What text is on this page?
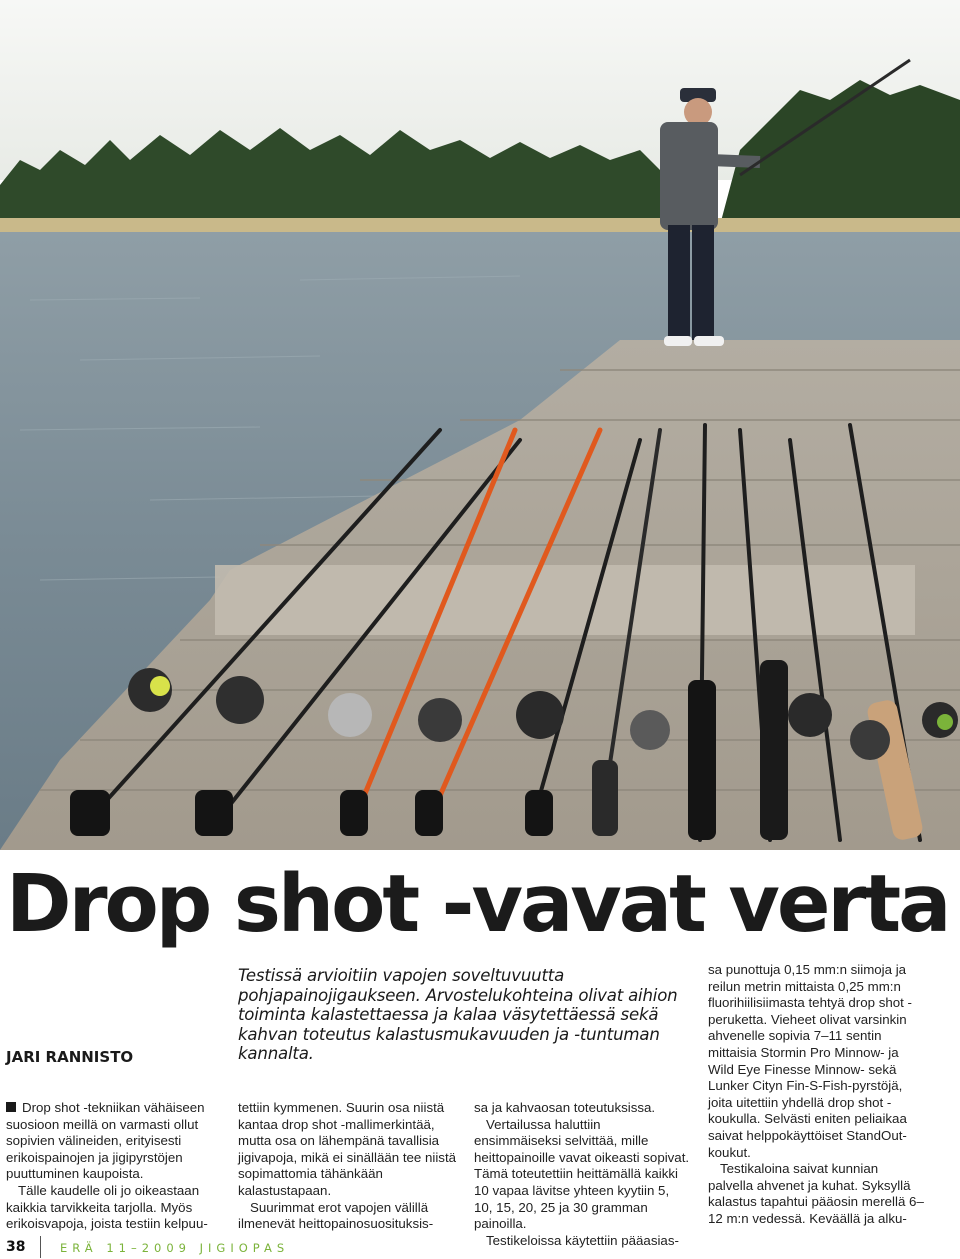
Drop shot -vavat verta

Testissä arvioitiin vapojen soveltuvuutta pohjapainojigaukseen. Arvostelukohteina olivat aihion toiminta kalastettaessa ja kalaa väsytettäessä sekä kahvan toteutus kalastusmukavuuden ja -tuntuman kannalta.

JARI RANNISTO

Drop shot -tekniikan vähäiseen suosioon meillä on varmasti ollut sopivien välineiden, erityisesti erikoispainojen ja jigipyrstöjen puuttuminen kaupoista.

Tälle kaudelle oli jo oikeastaan kaikkia tarvikkeita tarjolla. Myös erikoisvapoja, joista testiin kelpuu-

tettiin kymmenen. Suurin osa niistä kantaa drop shot -mallimerkintää, mutta osa on lähempänä tavallisia jigivapoja, mikä ei sinällään tee niistä sopimattomia tähänkään kalastustapaan.

Suurimmat erot vapojen välillä ilmenevät heittopainosuosituksis-

sa ja kahvaosan toteutuksissa.

Vertailussa haluttiin ensimmäiseksi selvittää, mille heittopainoille vavat oikeasti sopivat. Tämä toteutettiin heittämällä kaikki 10 vapaa lävitse yhteen kyytiin 5, 10, 15, 20, 25 ja 30 gramman painoilla.

Testikeloissa käytettiin pääasias-

sa punottuja 0,15 mm:n siimoja ja reilun metrin mittaista 0,25 mm:n fluorihiilisiimasta tehtyä drop shot -peruketta. Vieheet olivat varsinkin ahvenelle sopivia 7–11 sentin mittaisia Stormin Pro Minnow- ja Wild Eye Finesse Minnow- sekä Lunker Cityn Fin-S-Fish-pyrstöjä, joita uitettiin yhdellä drop shot -koukulla. Selvästi eniten peliaikaa saivat helppokäyttöiset StandOut-koukut.

Testikaloina saivat kunnian palvella ahvenet ja kuhat. Syksyllä kalastus tapahtui pääosin merellä 6–12 m:n vedessä. Keväällä ja alku-

38	ERÄ 11–2009 JIGIOPAS
